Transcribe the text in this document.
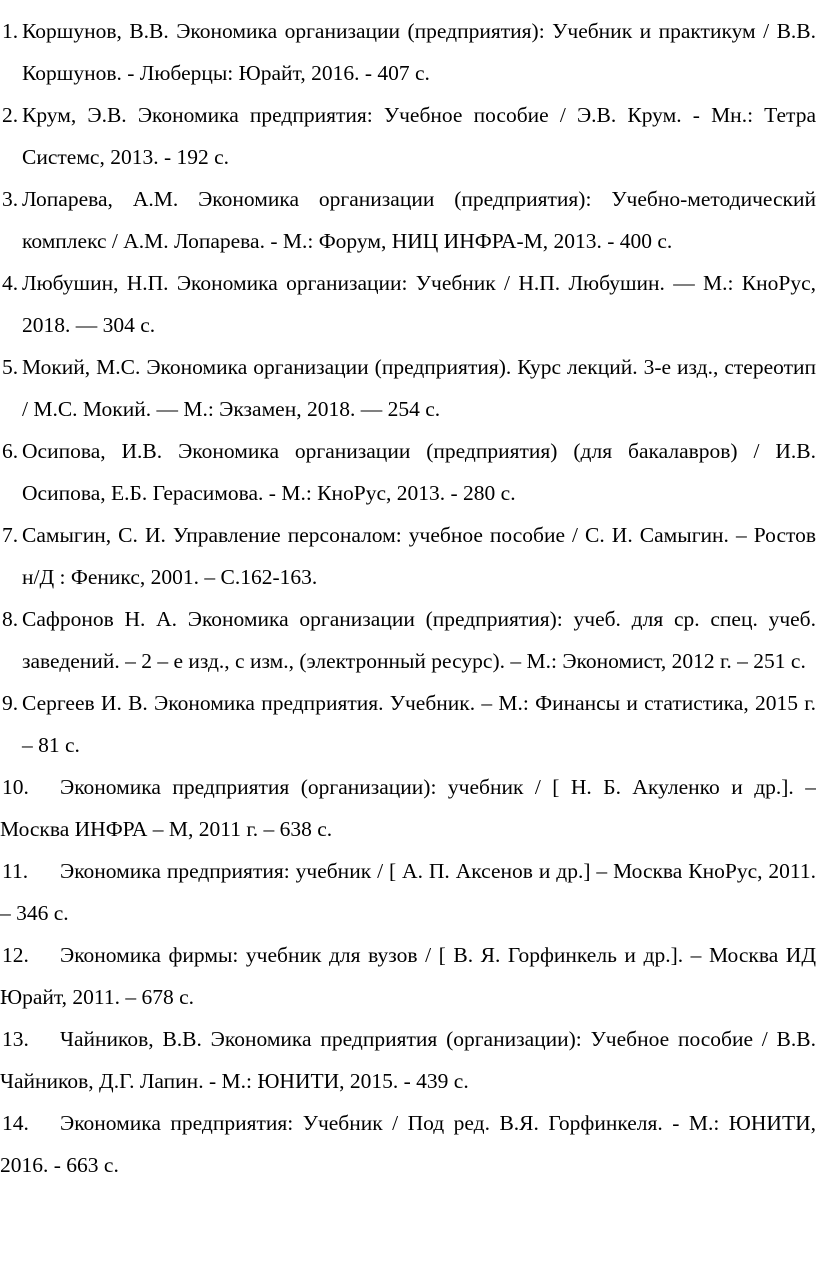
1. Коршунов, В.В. Экономика организации (предприятия): Учебник и практикум / В.В. Коршунов. - Люберцы: Юрайт, 2016. - 407 с.
2. Крум, Э.В. Экономика предприятия: Учебное пособие / Э.В. Крум. - Мн.: Тетра Системс, 2013. - 192 с.
3. Лопарева, А.М. Экономика организации (предприятия): Учебно-методический комплекс / А.М. Лопарева. - М.: Форум, НИЦ ИНФРА-М, 2013. - 400 с.
4. Любушин, Н.П. Экономика организации: Учебник / Н.П. Любушин. — М.: КноРус, 2018. — 304 с.
5. Мокий, М.С. Экономика организации (предприятия). Курс лекций. 3-е изд., стереотип / М.С. Мокий. — М.: Экзамен, 2018. — 254 с.
6. Осипова, И.В. Экономика организации (предприятия) (для бакалавров) / И.В. Осипова, Е.Б. Герасимова. - М.: КноРус, 2013. - 280 с.
7. Самыгин, С. И. Управление персоналом: учебное пособие / С. И. Самыгин. – Ростов н/Д : Феникс, 2001. – С.162-163.
8. Сафронов Н. А. Экономика организации (предприятия): учеб. для ср. спец. учеб. заведений. – 2 – е изд., с изм., (электронный ресурс). – М.: Экономист, 2012 г. – 251 с.
9. Сергеев И. В. Экономика предприятия. Учебник. – М.: Финансы и статистика, 2015 г. – 81 с.
10.	Экономика предприятия (организации): учебник / [ Н. Б. Акуленко и др.]. – Москва ИНФРА – М, 2011 г. – 638 с.
11.	Экономика предприятия: учебник / [ А. П. Аксенов и др.] – Москва КноРус, 2011. – 346 с.
12.	Экономика фирмы: учебник для вузов / [ В. Я. Горфинкель и др.]. – Москва ИД Юрайт, 2011. – 678 с.
13.	Чайников, В.В. Экономика предприятия (организации): Учебное пособие / В.В. Чайников, Д.Г. Лапин. - М.: ЮНИТИ, 2015. - 439 с.
14.	Экономика предприятия: Учебник / Под ред. В.Я. Горфинкеля. - М.: ЮНИТИ, 2016. - 663 с.
